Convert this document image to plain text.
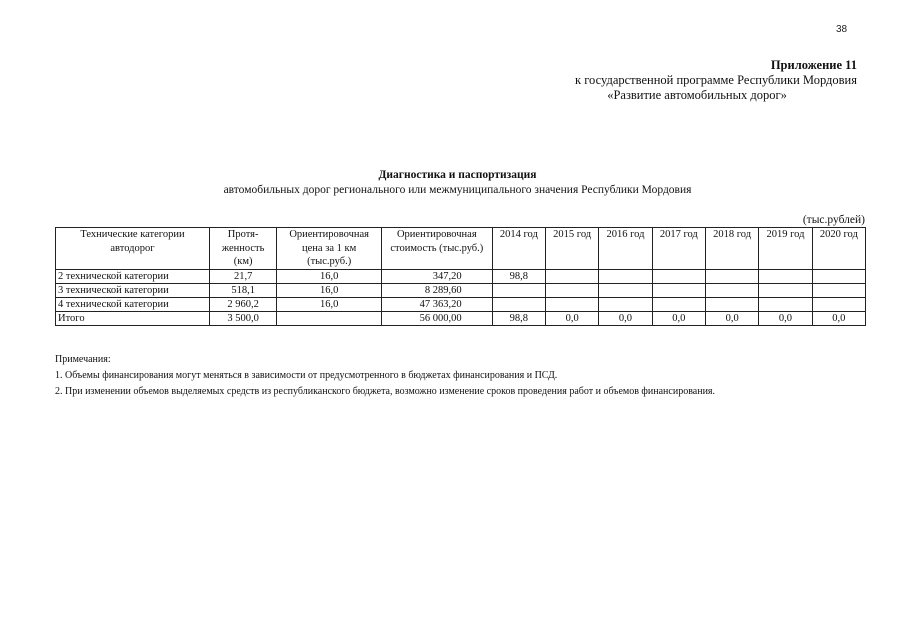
38
Приложение 11
к государственной программе Республики Мордовия
«Развитие автомобильных дорог»
Диагностика и паспортизация
автомобильных дорог регионального или межмуниципального значения Республики Мордовия
(тыс.рублей)
Технические категории автодорог	Протя-женность (км)	Ориентировочная цена за 1 км (тыс.руб.)	Ориентировочная стоимость (тыс.руб.)	2014 год	2015 год	2016 год	2017 год	2018 год	2019 год	2020 год
2 технической категории	21,7	16,0	347,20	98,8						
3 технической категории	518,1	16,0	8 289,60							
4 технической категории	2 960,2	16,0	47 363,20							
Итого	3 500,0		56 000,00	98,8	0,0	0,0	0,0	0,0	0,0	0,0
Примечания:
1. Объемы финансирования могут меняться в зависимости от предусмотренного в бюджетах финансирования и ПСД.
2. При изменении объемов выделяемых средств из республиканского бюджета, возможно изменение сроков проведения работ и объемов финансирования.
